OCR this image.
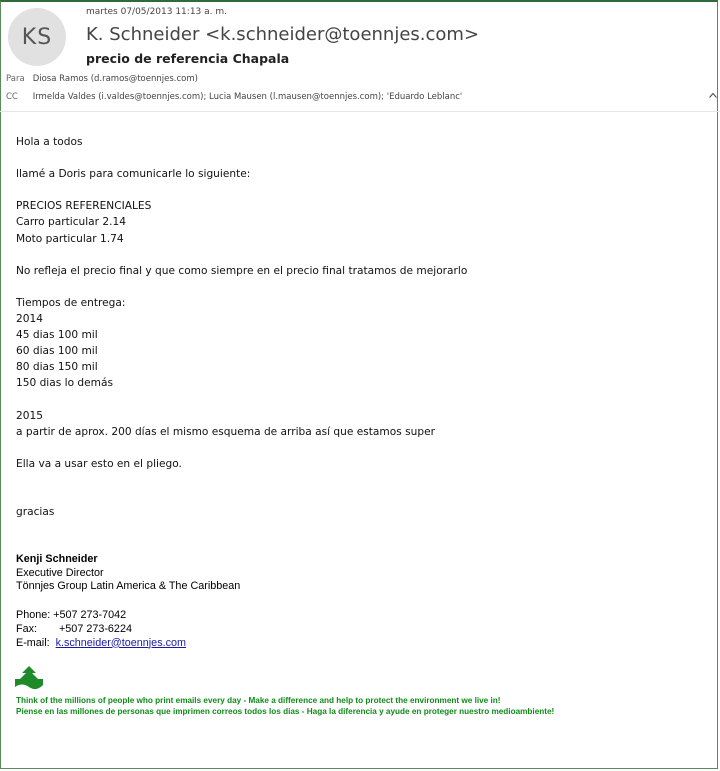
KS
martes 07/05/2013 11:13 a. m.
K. Schneider <k.schneider@toennjes.com>
precio de referencia Chapala
Para Diosa Ramos (d.ramos@toennjes.com)
CC Irmelda Valdes (i.valdes@toennjes.com); Lucia Mausen (l.mausen@toennjes.com); 'Eduardo Leblanc'

Hola a todos

llamé a Doris para comunicarle lo siguiente:

PRECIOS REFERENCIALES

Carro particular 2.14

Moto particular 1.74

No refleja el precio final y que como siempre en el precio final tratamos de mejorarlo

Tiempos de entrega:

2014

45 dias 100 mil

60 dias 100 mil

80 dias 150 mil

150 dias lo demás

2015

a partir de aprox. 200 días el mismo esquema de arriba así que estamos super

Ella va a usar esto en el pliego.

gracias

Kenji Schneider
Executive Director
Tönnjes Group Latin America & The Caribbean
Phone: +507 273-7042
Fax: +507 273-6224
E-mail: k.schneider@toennjes.com
Think of the millions of people who print emails every day - Make a difference and help to protect the environment we live in!
Piense en las millones de personas que imprimen correos todos los dias - Haga la diferencia y ayude en proteger nuestro medioambiente!
